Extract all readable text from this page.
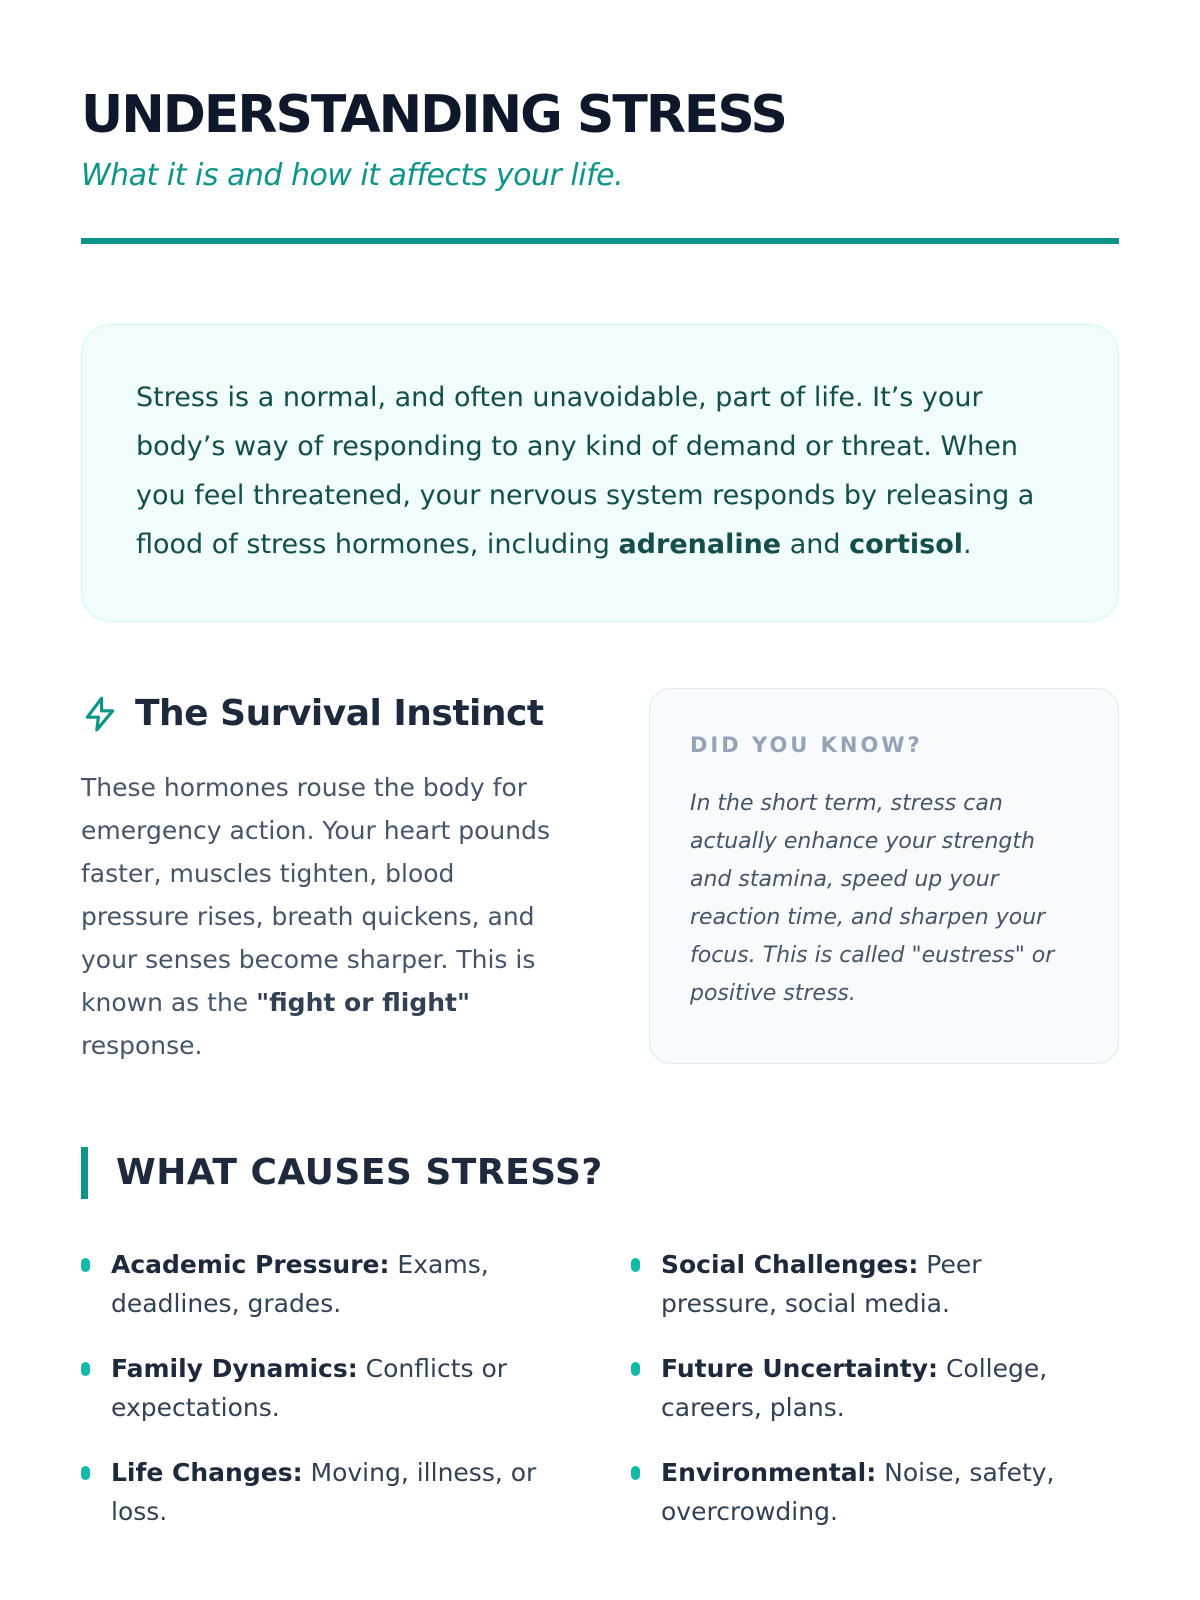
UNDERSTANDING STRESS

What it is and how it affects your life.

Stress is a normal, and often unavoidable, part of life. It’s your body’s way of responding to any kind of demand or threat. When you feel threatened, your nervous system responds by releasing a flood of stress hormones, including adrenaline and cortisol.

The Survival Instinct

These hormones rouse the body for emergency action. Your heart pounds faster, muscles tighten, blood pressure rises, breath quickens, and your senses become sharper. This is known as the "fight or flight" response.

DID YOU KNOW?

In the short term, stress can actually enhance your strength and stamina, speed up your reaction time, and sharpen your focus. This is called "eustress" or positive stress.

WHAT CAUSES STRESS?
Academic Pressure: Exams, deadlines, grades.
Social Challenges: Peer pressure, social media.
Family Dynamics: Conflicts or expectations.
Future Uncertainty: College, careers, plans.
Life Changes: Moving, illness, or loss.
Environmental: Noise, safety, overcrowding.
